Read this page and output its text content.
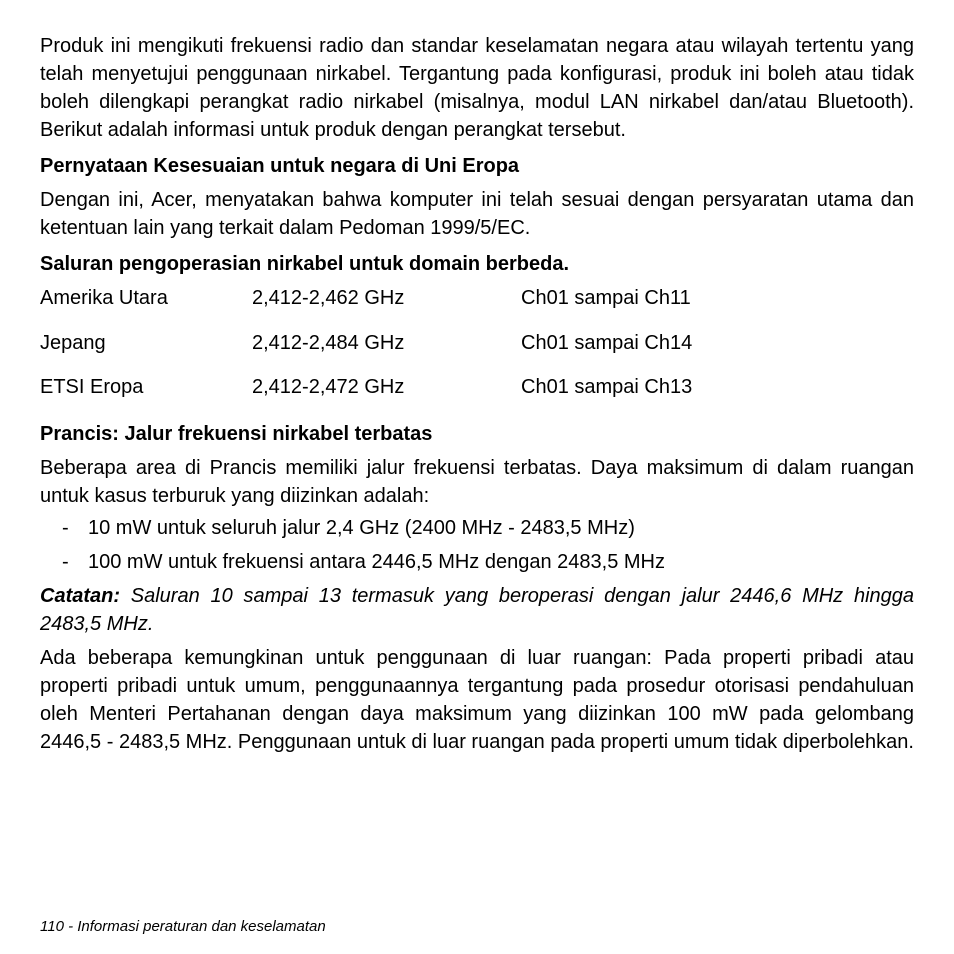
Produk ini mengikuti frekuensi radio dan standar keselamatan negara atau wilayah tertentu yang telah menyetujui penggunaan nirkabel. Tergantung pada konfigurasi, produk ini boleh atau tidak boleh dilengkapi perangkat radio nirkabel (misalnya, modul LAN nirkabel dan/atau Bluetooth). Berikut adalah informasi untuk produk dengan perangkat tersebut.

Pernyataan Kesesuaian untuk negara di Uni Eropa

Dengan ini, Acer, menyatakan bahwa komputer ini telah sesuai dengan persyaratan utama dan ketentuan lain yang terkait dalam Pedoman 1999/5/EC.

Saluran pengoperasian nirkabel untuk domain berbeda.
Amerika Utara	2,412-2,462 GHz	Ch01 sampai Ch11
Jepang	2,412-2,484 GHz	Ch01 sampai Ch14
ETSI Eropa	2,412-2,472 GHz	Ch01 sampai Ch13
Prancis: Jalur frekuensi nirkabel terbatas

Beberapa area di Prancis memiliki jalur frekuensi terbatas. Daya maksimum di dalam ruangan untuk kasus terburuk yang diizinkan adalah:

- 10 mW untuk seluruh jalur 2,4 GHz (2400 MHz - 2483,5 MHz)
- 100 mW untuk frekuensi antara 2446,5 MHz dengan 2483,5 MHz

Catatan: Saluran 10 sampai 13 termasuk yang beroperasi dengan jalur 2446,6 MHz hingga 2483,5 MHz.

Ada beberapa kemungkinan untuk penggunaan di luar ruangan: Pada properti pribadi atau properti pribadi untuk umum, penggunaannya tergantung pada prosedur otorisasi pendahuluan oleh Menteri Pertahanan dengan daya maksimum yang diizinkan 100 mW pada gelombang 2446,5 - 2483,5 MHz. Penggunaan untuk di luar ruangan pada properti umum tidak diperbolehkan.

110 - Informasi peraturan dan keselamatan
